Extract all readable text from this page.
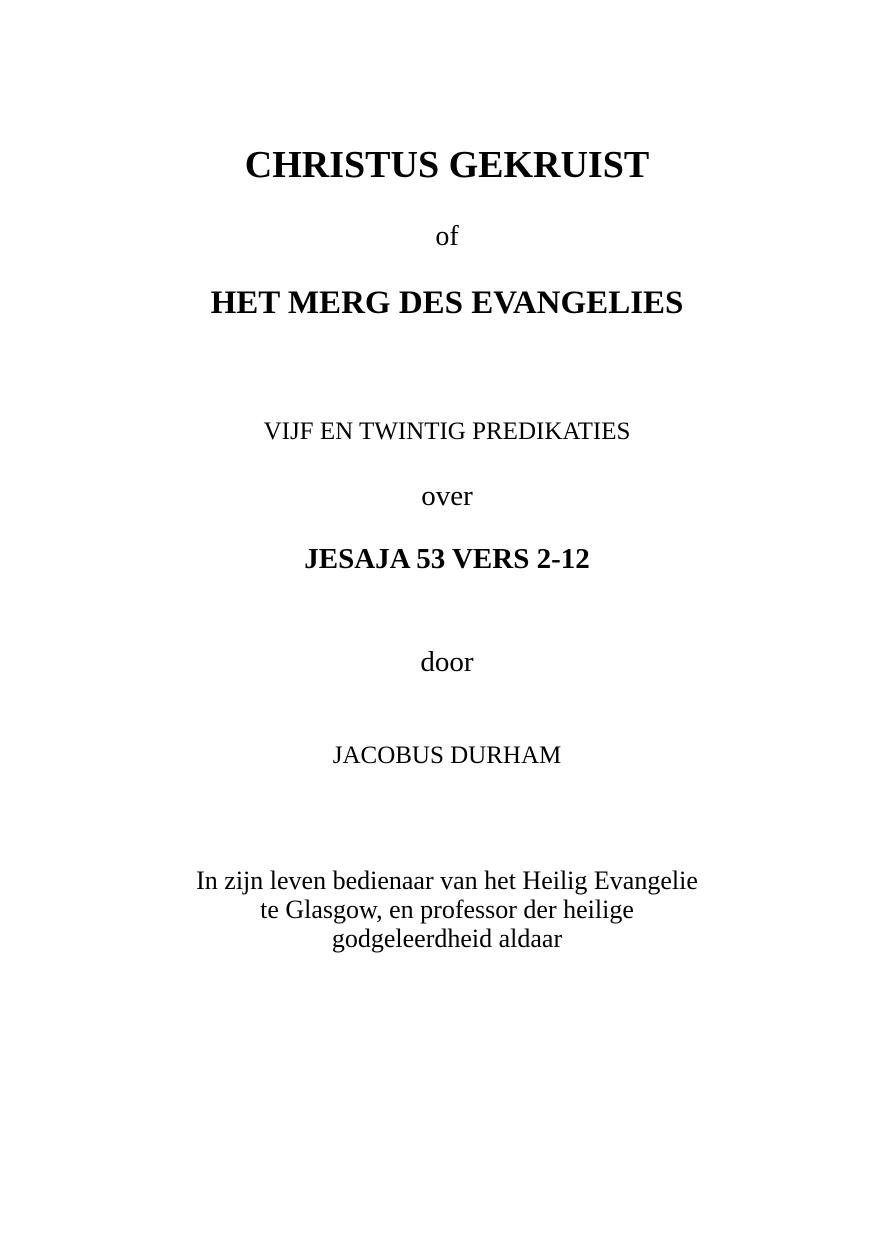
CHRISTUS GEKRUIST
of
HET MERG DES EVANGELIES
VIJF EN TWINTIG PREDIKATIES
over
JESAJA 53 VERS 2-12
door
JACOBUS DURHAM
In zijn leven bedienaar van het Heilig Evangelie
te Glasgow, en professor der heilige
godgeleerdheid aldaar
